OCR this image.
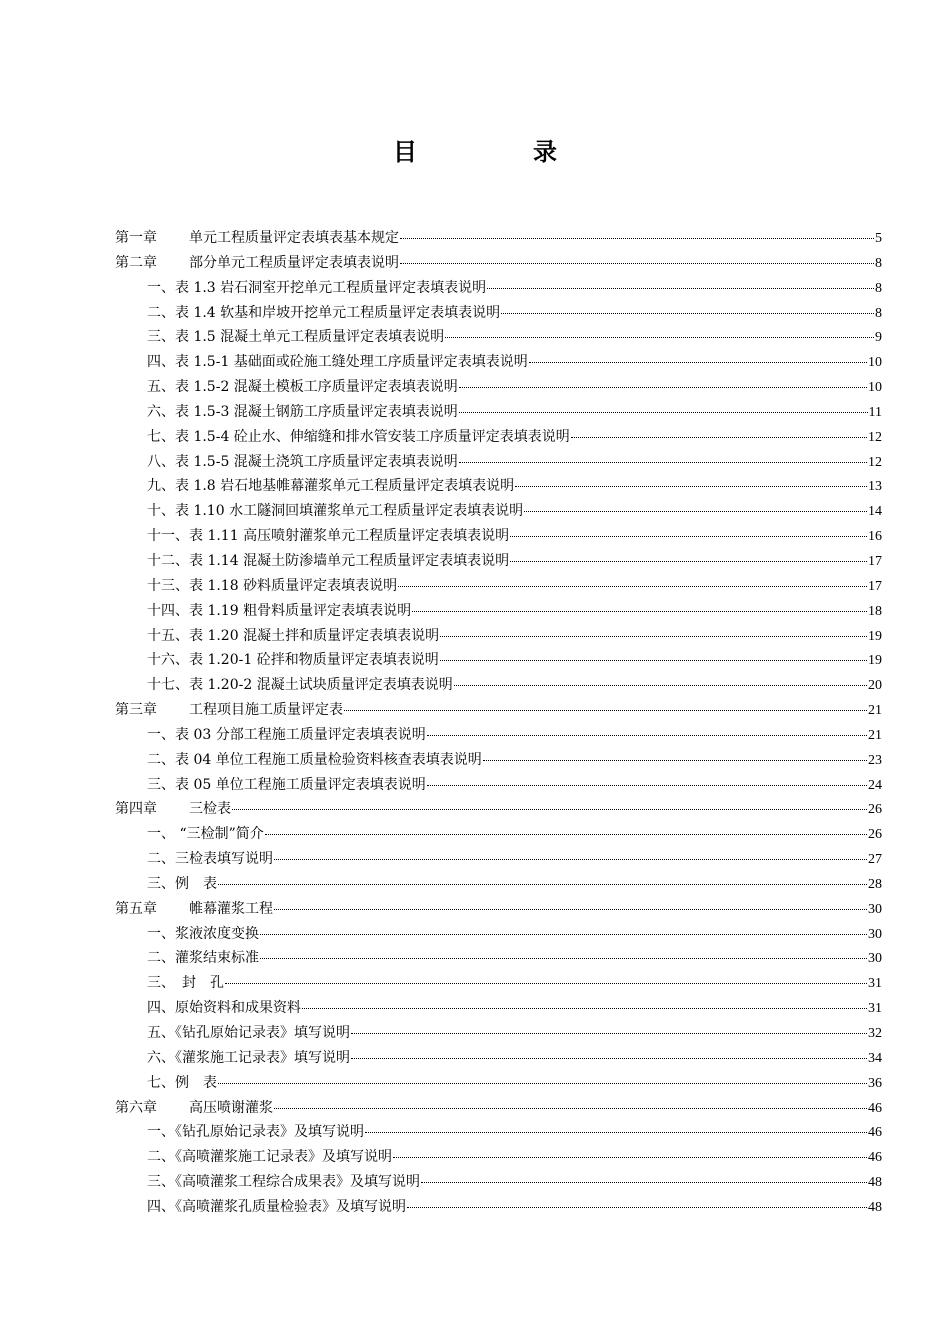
目　录
第一章	单元工程质量评定表填表基本规定	5
第二章	部分单元工程质量评定表填表说明	8
一、表 1.3 岩石洞室开挖单元工程质量评定表填表说明	8
二、表 1.4 软基和岸坡开挖单元工程质量评定表填表说明	8
三、表 1.5 混凝土单元工程质量评定表填表说明	9
四、表 1.5-1 基础面或砼施工缝处理工序质量评定表填表说明	10
五、表 1.5-2 混凝土模板工序质量评定表填表说明	10
六、表 1.5-3 混凝土钢筋工序质量评定表填表说明	11
七、表 1.5-4 砼止水、伸缩缝和排水管安装工序质量评定表填表说明	12
八、表 1.5-5 混凝土浇筑工序质量评定表填表说明	12
九、表 1.8 岩石地基帷幕灌浆单元工程质量评定表填表说明	13
十、表 1.10 水工隧洞回填灌浆单元工程质量评定表填表说明	14
十一、表 1.11 高压喷射灌浆单元工程质量评定表填表说明	16
十二、表 1.14 混凝土防渗墙单元工程质量评定表填表说明	17
十三、表 1.18 砂料质量评定表填表说明	17
十四、表 1.19 粗骨料质量评定表填表说明	18
十五、表 1.20 混凝土拌和质量评定表填表说明	19
十六、表 1.20-1 砼拌和物质量评定表填表说明	19
十七、表 1.20-2 混凝土试块质量评定表填表说明	20
第三章	工程项目施工质量评定表	21
一、表 03 分部工程施工质量评定表填表说明	21
二、表 04 单位工程施工质量检验资料核查表填表说明	23
三、表 05 单位工程施工质量评定表填表说明	24
第四章	三检表	26
一、 “三检制”简介	26
二、三检表填写说明	27
三、例　表	28
第五章	帷幕灌浆工程	30
一、浆液浓度变换	30
二、灌浆结束标准	30
三、　封　孔	31
四、原始资料和成果资料	31
五、《钻孔原始记录表》填写说明	32
六、《灌浆施工记录表》填写说明	34
七、例　表	36
第六章	高压喷谢灌浆	46
一、《钻孔原始记录表》及填写说明	46
二、《高喷灌浆施工记录表》及填写说明	46
三、《高喷灌浆工程综合成果表》及填写说明	48
四、《高喷灌浆孔质量检验表》及填写说明	48
